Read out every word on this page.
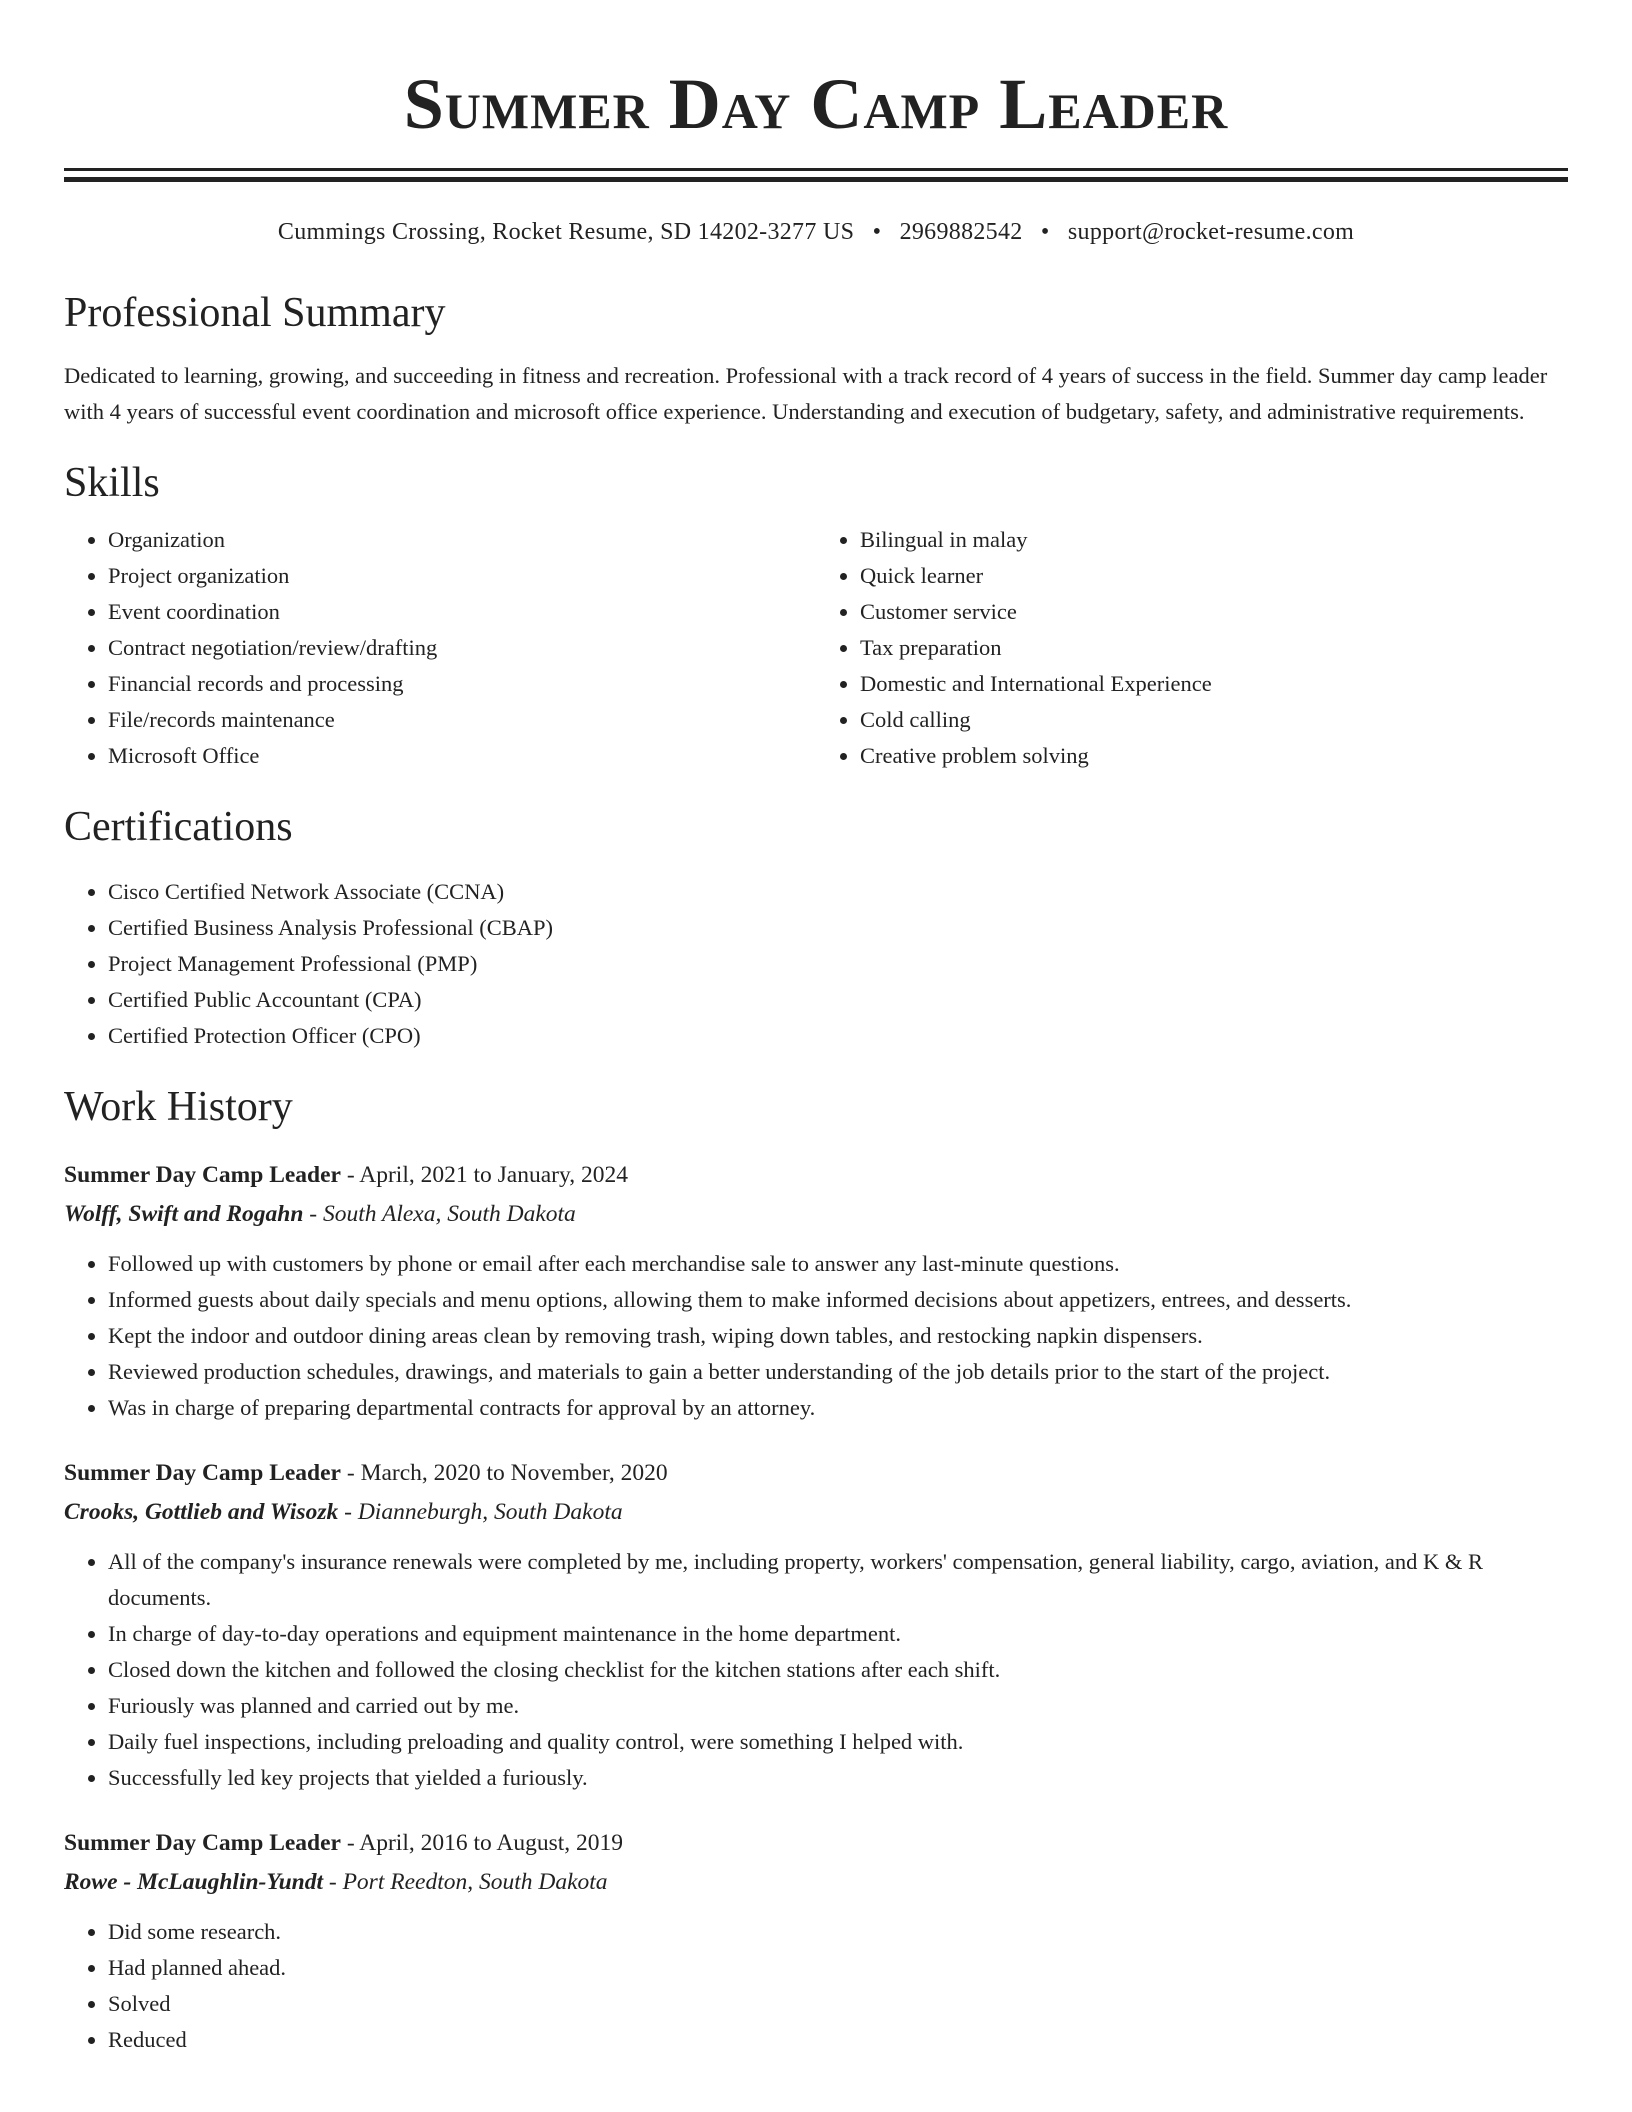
Summer Day Camp Leader
Cummings Crossing, Rocket Resume, SD 14202-3277 US • 2969882542 • support@rocket-resume.com
Professional Summary
Dedicated to learning, growing, and succeeding in fitness and recreation. Professional with a track record of 4 years of success in the field. Summer day camp leader with 4 years of successful event coordination and microsoft office experience. Understanding and execution of budgetary, safety, and administrative requirements.
Skills
• Organization
• Project organization
• Event coordination
• Contract negotiation/review/drafting
• Financial records and processing
• File/records maintenance
• Microsoft Office
• Bilingual in malay
• Quick learner
• Customer service
• Tax preparation
• Domestic and International Experience
• Cold calling
• Creative problem solving
Certifications
• Cisco Certified Network Associate (CCNA)
• Certified Business Analysis Professional (CBAP)
• Project Management Professional (PMP)
• Certified Public Accountant (CPA)
• Certified Protection Officer (CPO)
Work History
Summer Day Camp Leader - April, 2021 to January, 2024
Wolff, Swift and Rogahn - South Alexa, South Dakota
• Followed up with customers by phone or email after each merchandise sale to answer any last-minute questions.
• Informed guests about daily specials and menu options, allowing them to make informed decisions about appetizers, entrees, and desserts.
• Kept the indoor and outdoor dining areas clean by removing trash, wiping down tables, and restocking napkin dispensers.
• Reviewed production schedules, drawings, and materials to gain a better understanding of the job details prior to the start of the project.
• Was in charge of preparing departmental contracts for approval by an attorney.
Summer Day Camp Leader - March, 2020 to November, 2020
Crooks, Gottlieb and Wisozk - Dianneburgh, South Dakota
• All of the company's insurance renewals were completed by me, including property, workers' compensation, general liability, cargo, aviation, and K & R documents.
• In charge of day-to-day operations and equipment maintenance in the home department.
• Closed down the kitchen and followed the closing checklist for the kitchen stations after each shift.
• Furiously was planned and carried out by me.
• Daily fuel inspections, including preloading and quality control, were something I helped with.
• Successfully led key projects that yielded a furiously.
Summer Day Camp Leader - April, 2016 to August, 2019
Rowe - McLaughlin-Yundt - Port Reedton, South Dakota
• Did some research.
• Had planned ahead.
• Solved
• Reduced
